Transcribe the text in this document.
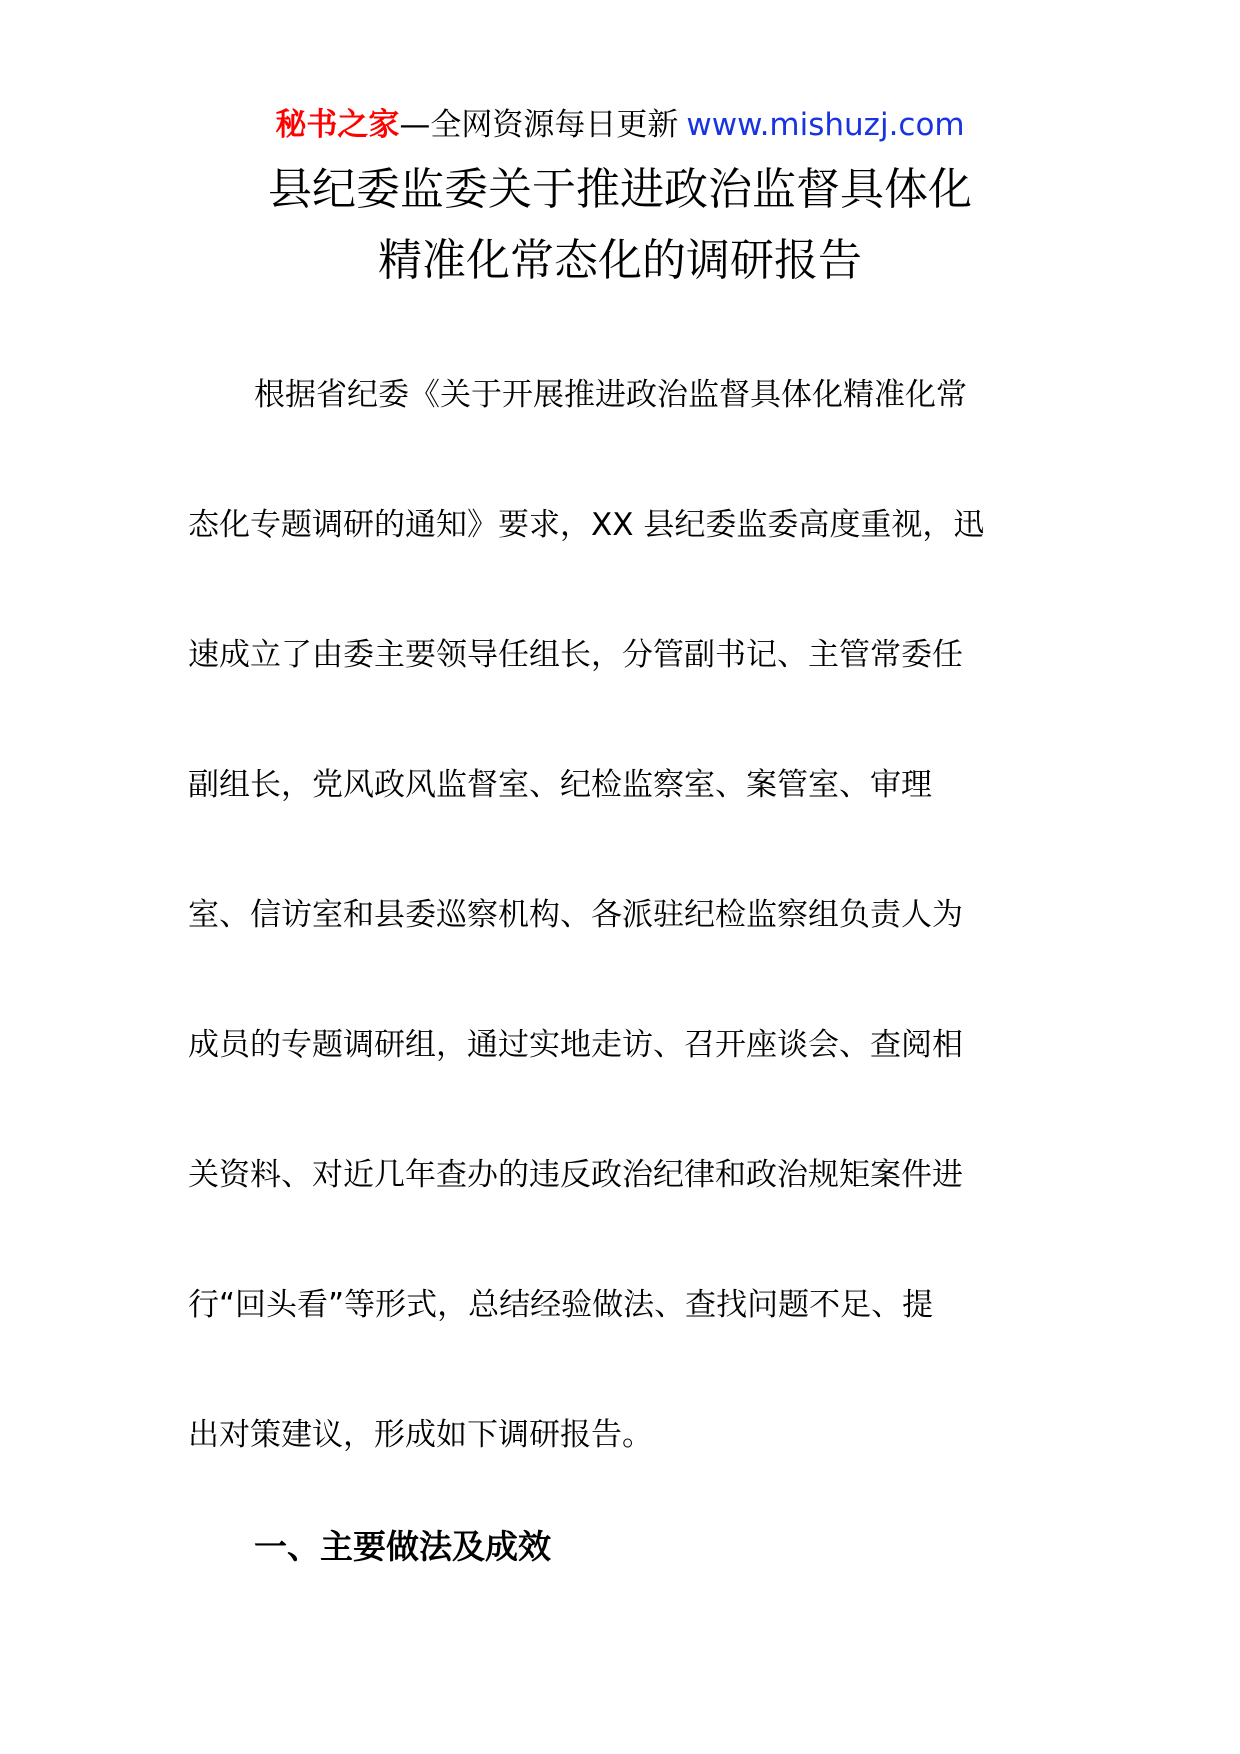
秘书之家—全网资源每日更新 www.mishuzj.com
县纪委监委关于推进政治监督具体化
精准化常态化的调研报告
根据省纪委《关于开展推进政治监督具体化精准化常
态化专题调研的通知》要求，XX 县纪委监委高度重视，迅
速成立了由委主要领导任组长，分管副书记、主管常委任
副组长，党风政风监督室、纪检监察室、案管室、审理
室、信访室和县委巡察机构、各派驻纪检监察组负责人为
成员的专题调研组，通过实地走访、召开座谈会、查阅相
关资料、对近几年查办的违反政治纪律和政治规矩案件进
行“回头看”等形式，总结经验做法、查找问题不足、提
出对策建议，形成如下调研报告。
一、主要做法及成效
